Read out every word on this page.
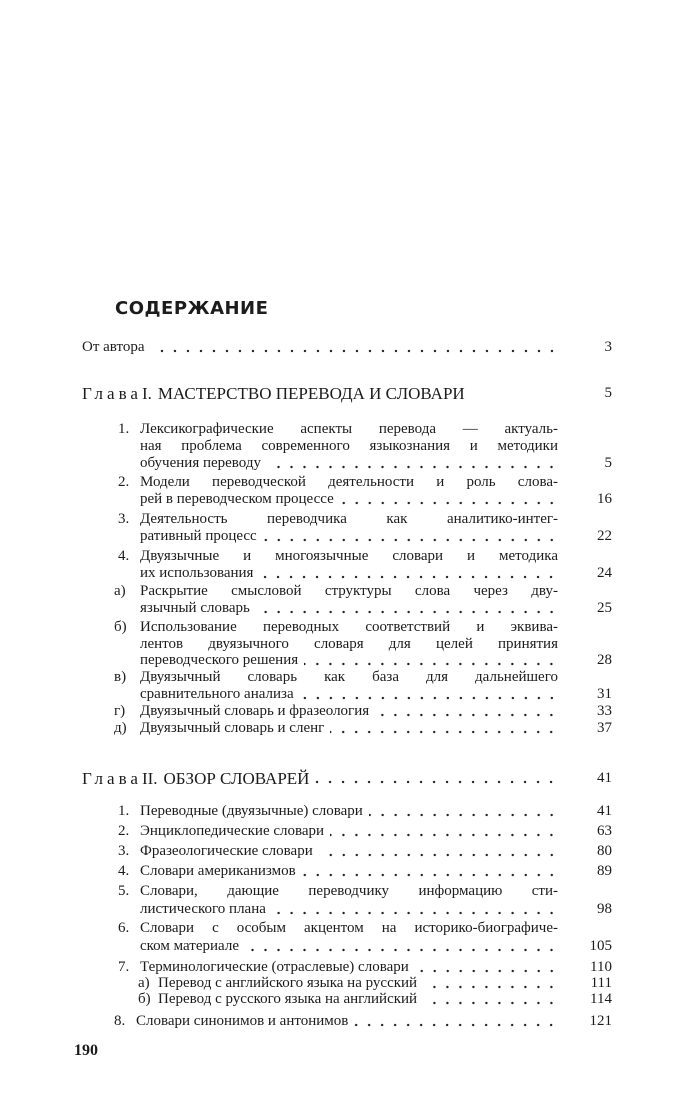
СОДЕРЖАНИЕ
От автора	3
Глава I. МАСТЕРСТВО ПЕРЕВОДА И СЛОВАРИ	5
1. Лексикографические аспекты перевода — актуаль-
ная проблема современного языкознания и методики
обучения переводу	5
2. Модели переводческой деятельности и роль слова-
рей в переводческом процессе	16
3. Деятельность переводчика как аналитико-интег-
ративный процесс	22
4. Двуязычные и многоязычные словари и методика
их использования	24
а) Раскрытие смысловой структуры слова через дву-
язычный словарь	25
б) Использование переводных соответствий и эквива-
лентов двуязычного словаря для целей принятия
переводческого решения	28
в) Двуязычный словарь как база для дальнейшего
сравнительного анализа	31
г) Двуязычный словарь и фразеология	33
д) Двуязычный словарь и сленг	37
Глава II. ОБЗОР СЛОВАРЕЙ	41
1. Переводные (двуязычные) словари	41
2. Энциклопедические словари	63
3. Фразеологические словари	80
4. Словари американизмов	89
5. Словари, дающие переводчику информацию сти-
листического плана	98
6. Словари с особым акцентом на историко-биографиче-
ском материале	105
7. Терминологические (отраслевые) словари	110
а) Перевод с английского языка на русский	111
б) Перевод с русского языка на английский	114
8. Словари синонимов и антонимов	121
190
